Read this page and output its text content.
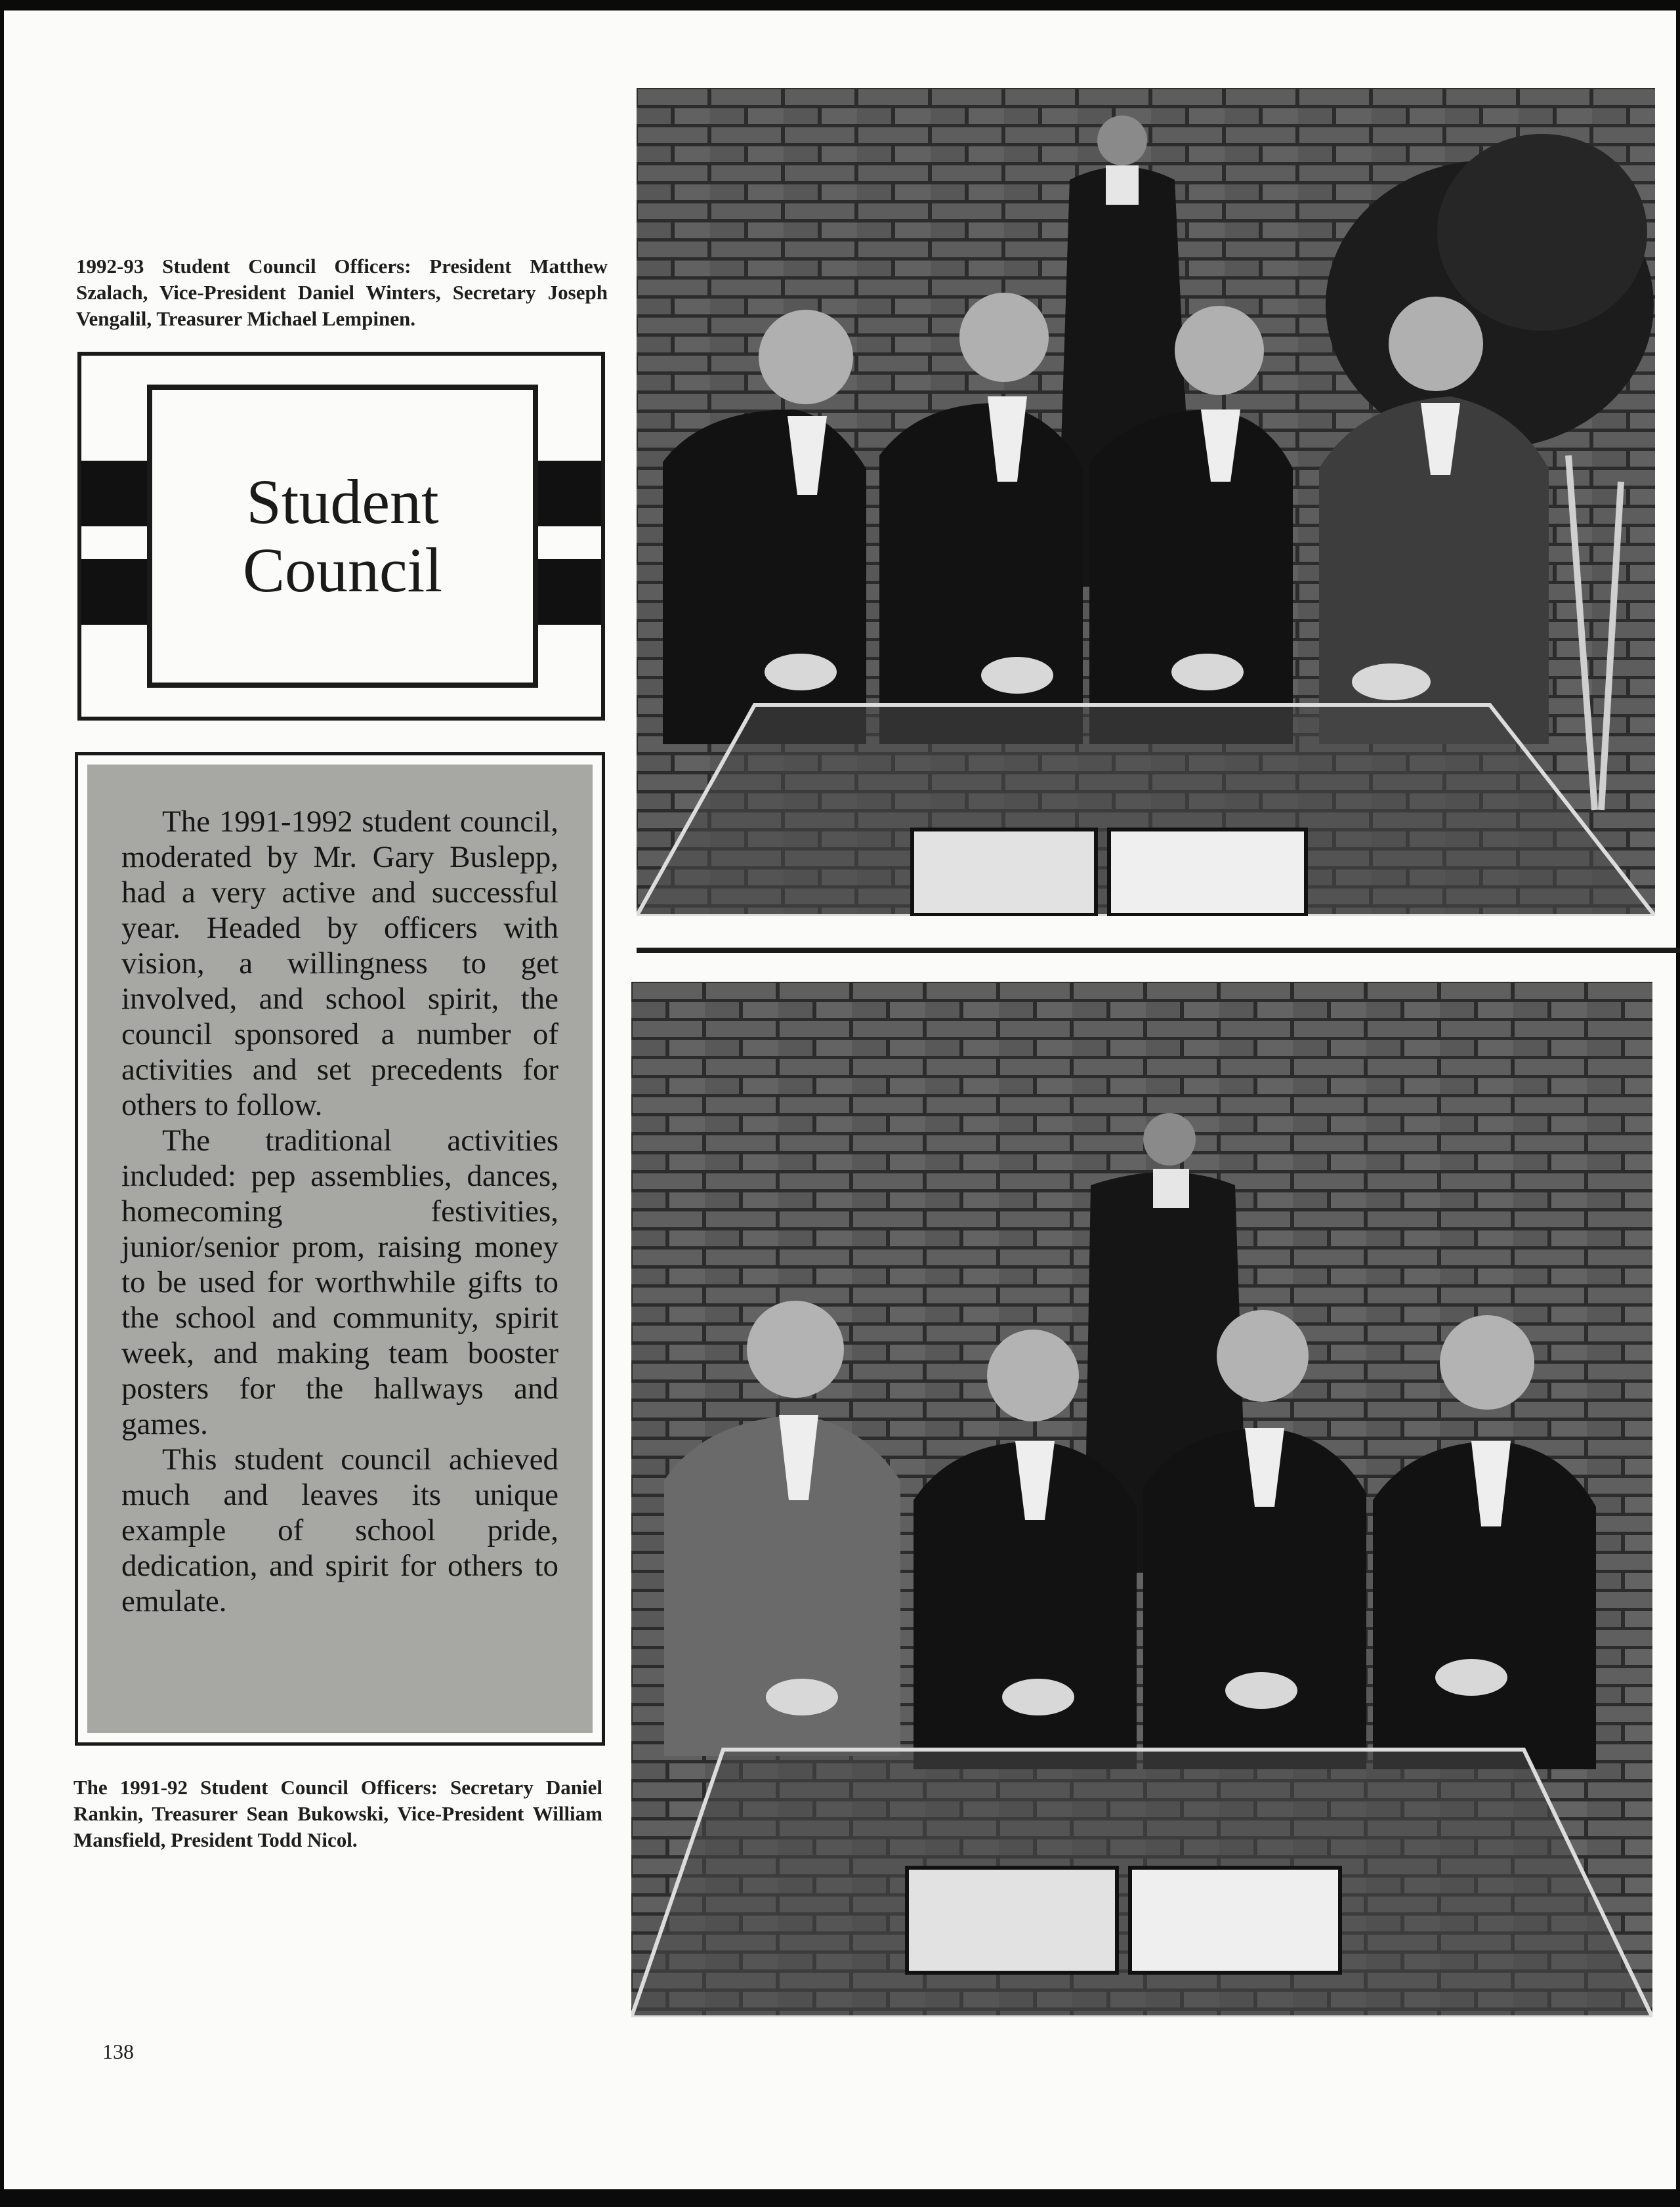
1992-93 Student Council Officers: President Matthew Szalach, Vice-President Daniel Winters, Secretary Joseph Vengalil, Treasurer Michael Lempinen.

Student
Council

The 1991-1992 student council, moderated by Mr. Gary Buslepp, had a very active and successful year. Headed by officers with vision, a willingness to get involved, and school spirit, the council sponsored a number of activities and set precedents for others to follow.

The traditional activities included: pep assemblies, dances, homecoming festivities, junior/senior prom, raising money to be used for worthwhile gifts to the school and community, spirit week, and making team booster posters for the hallways and games.

This student council achieved much and leaves its unique example of school pride, dedication, and spirit for others to emulate.

The 1991-92 Student Council Officers: Secretary Daniel Rankin, Treasurer Sean Bukowski, Vice-President William Mansfield, President Todd Nicol.

138
